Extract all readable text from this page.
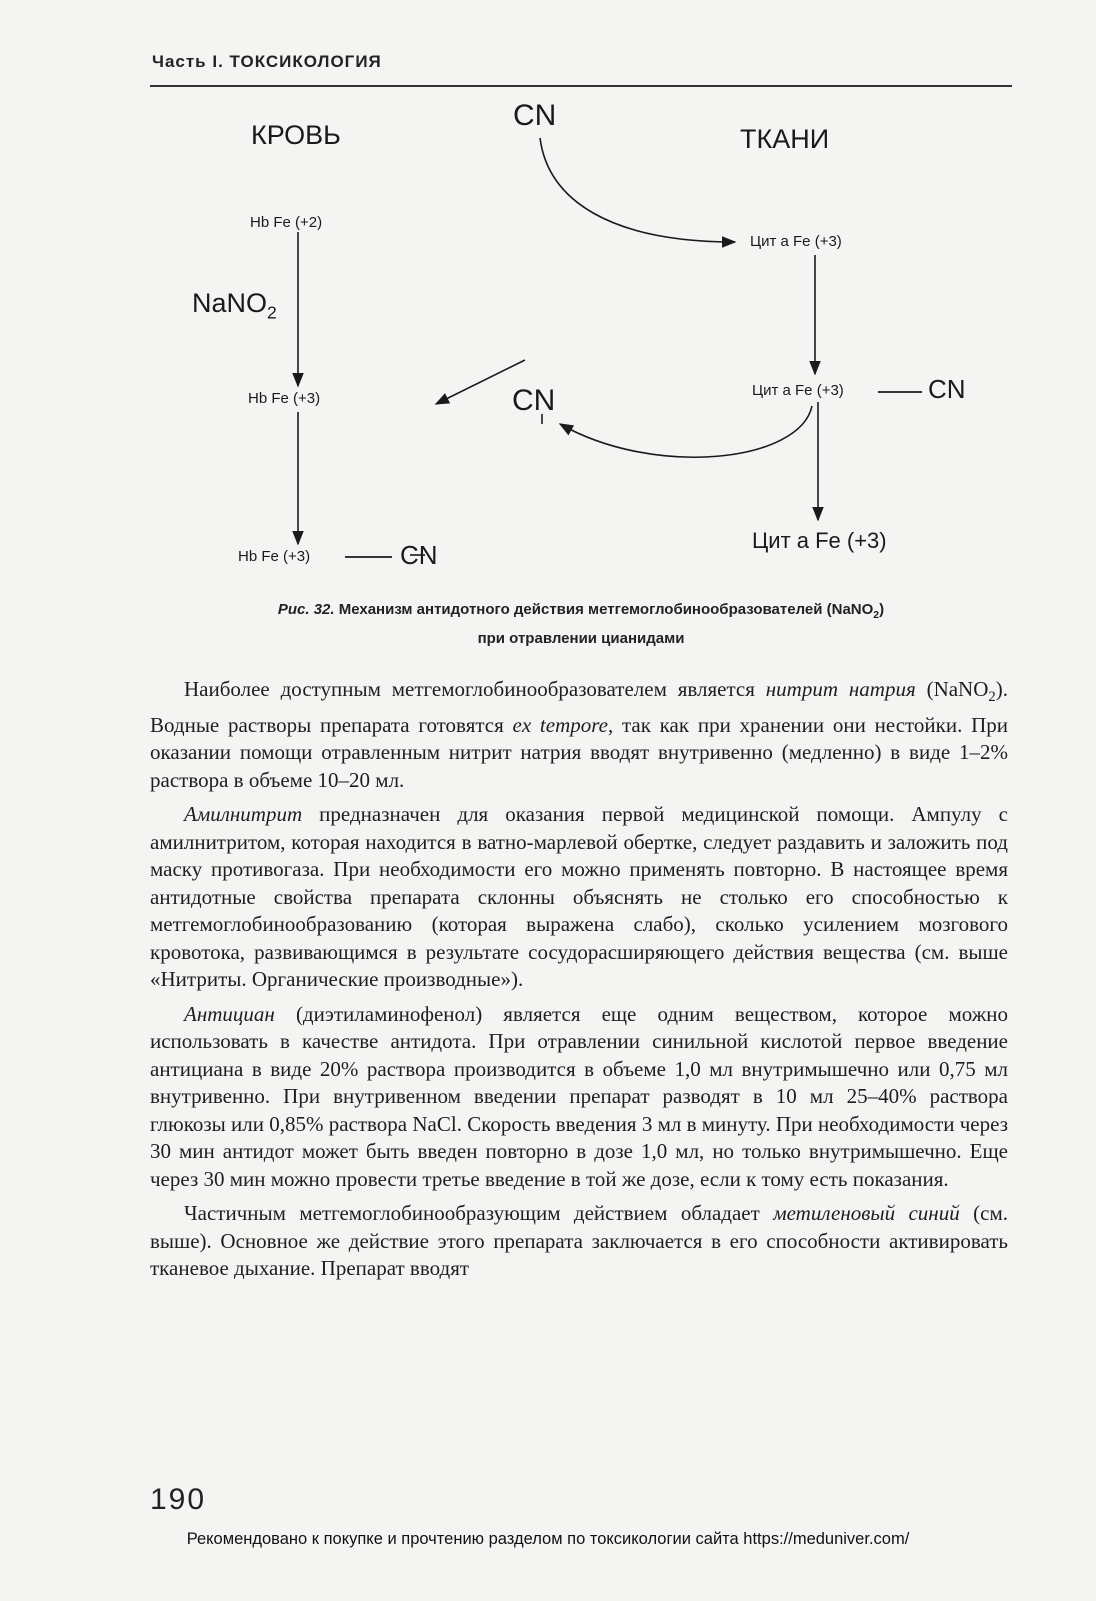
Часть I. ТОКСИКОЛОГИЯ
КРОВЬ	ТКАНИ
CN
Hb Fe (+2)
NaNO$_2$
Hb Fe (+3)	CN
Hb Fe (+3)	CN
Цит a Fe (+3)
Цит a Fe (+3)	CN
Цит a Fe (+3)
Рис. 32. Механизм антидотного действия метгемоглобинообразователей (NaNO$_2$)
при отравлении цианидами

Наиболее доступным метгемоглобинообразователем является нитрит натрия (NaNO$_2$). Водные растворы препарата готовятся ex tempore, так как при хранении они нестойки. При оказании помощи отравленным нитрит натрия вводят внутривенно (медленно) в виде 1–2% раствора в объеме 10–20 мл.

Амилнитрит предназначен для оказания первой медицинской помощи. Ампулу с амилнитритом, которая находится в ватно-марлевой обертке, следует раздавить и заложить под маску противогаза. При необходимости его можно применять повторно. В настоящее время антидотные свойства препарата склонны объяснять не столько его способностью к метгемоглобинообразованию (которая выражена слабо), сколько усилением мозгового кровотока, развивающимся в результате сосудорасширяющего действия вещества (см. выше «Нитриты. Органические производные»).

Антициан (диэтиламинофенол) является еще одним веществом, которое можно использовать в качестве антидота. При отравлении синильной кислотой первое введение антициана в виде 20% раствора производится в объеме 1,0 мл внутримышечно или 0,75 мл внутривенно. При внутривенном введении препарат разводят в 10 мл 25–40% раствора глюкозы или 0,85% раствора NaCl. Скорость введения 3 мл в минуту. При необходимости через 30 мин антидот может быть введен повторно в дозе 1,0 мл, но только внутримышечно. Еще через 30 мин можно провести третье введение в той же дозе, если к тому есть показания.

Частичным метгемоглобинообразующим действием обладает метиленовый синий (см. выше). Основное же действие этого препарата заключается в его способности активировать тканевое дыхание. Препарат вводят

190
Рекомендовано к покупке и прочтению разделом по токсикологии сайта https://meduniver.com/
